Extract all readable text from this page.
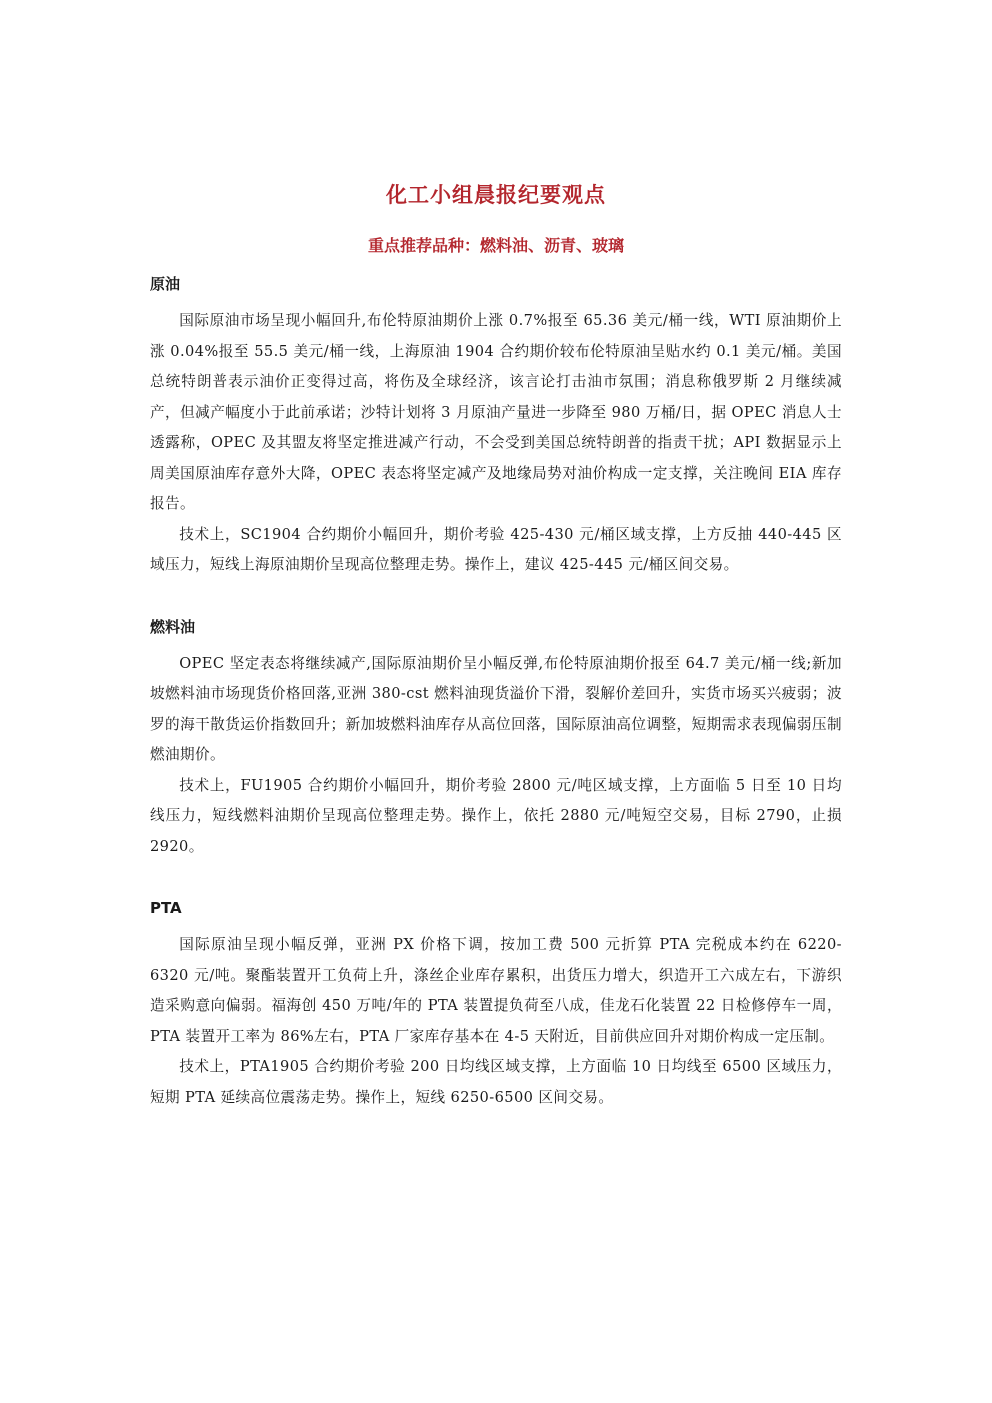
化工小组晨报纪要观点
重点推荐品种：燃料油、沥青、玻璃
原油

国际原油市场呈现小幅回升,布伦特原油期价上涨 0.7%报至 65.36 美元/桶一线，WTI 原油期价上涨 0.04%报至 55.5 美元/桶一线，上海原油 1904 合约期价较布伦特原油呈贴水约 0.1 美元/桶。美国总统特朗普表示油价正变得过高，将伤及全球经济，该言论打击油市氛围；消息称俄罗斯 2 月继续减产，但减产幅度小于此前承诺；沙特计划将 3 月原油产量进一步降至 980 万桶/日，据 OPEC 消息人士透露称，OPEC 及其盟友将坚定推进减产行动，不会受到美国总统特朗普的指责干扰；API 数据显示上周美国原油库存意外大降，OPEC 表态将坚定减产及地缘局势对油价构成一定支撑，关注晚间 EIA 库存报告。

技术上，SC1904 合约期价小幅回升，期价考验 425-430 元/桶区域支撑，上方反抽 440-445 区域压力，短线上海原油期价呈现高位整理走势。操作上，建议 425-445 元/桶区间交易。

燃料油

OPEC 坚定表态将继续减产,国际原油期价呈小幅反弹,布伦特原油期价报至 64.7 美元/桶一线;新加坡燃料油市场现货价格回落,亚洲 380-cst 燃料油现货溢价下滑，裂解价差回升，实货市场买兴疲弱；波罗的海干散货运价指数回升；新加坡燃料油库存从高位回落，国际原油高位调整，短期需求表现偏弱压制燃油期价。

技术上，FU1905 合约期价小幅回升，期价考验 2800 元/吨区域支撑，上方面临 5 日至 10 日均线压力，短线燃料油期价呈现高位整理走势。操作上，依托 2880 元/吨短空交易，目标 2790，止损 2920。

PTA

国际原油呈现小幅反弹，亚洲 PX 价格下调，按加工费 500 元折算 PTA 完税成本约在 6220-6320 元/吨。聚酯装置开工负荷上升，涤丝企业库存累积，出货压力增大，织造开工六成左右，下游织造采购意向偏弱。福海创 450 万吨/年的 PTA 装置提负荷至八成，佳龙石化装置 22 日检修停车一周，PTA 装置开工率为 86%左右，PTA 厂家库存基本在 4-5 天附近，目前供应回升对期价构成一定压制。

技术上，PTA1905 合约期价考验 200 日均线区域支撑，上方面临 10 日均线至 6500 区域压力，短期 PTA 延续高位震荡走势。操作上，短线 6250-6500 区间交易。
